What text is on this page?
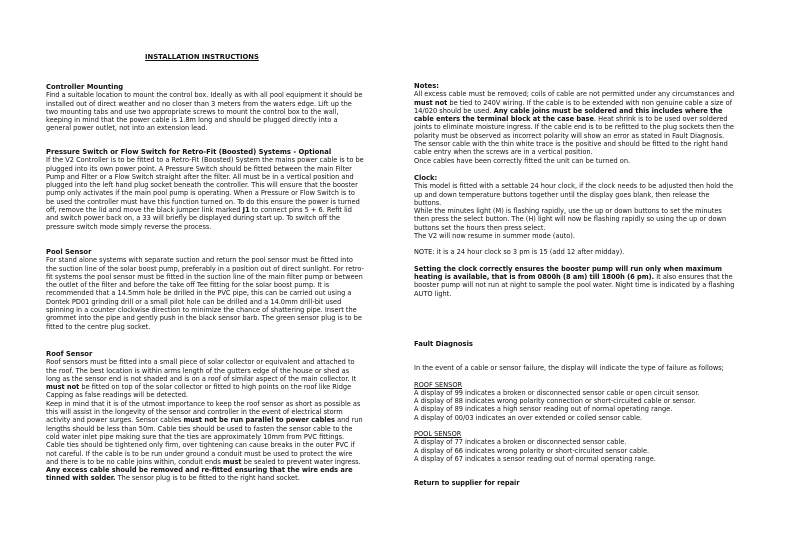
INSTALLATION INSTRUCTIONS
Controller Mounting

Find a suitable location to mount the control box. Ideally as with all pool equipment it should be installed out of direct weather and no closer than 3 meters from the waters edge. Lift up the two mounting tabs and use two appropriate screws to mount the control box to the wall, keeping in mind that the power cable is 1.8m long and should be plugged directly into a general power outlet, not into an extension lead.

Pressure Switch or Flow Switch for Retro-Fit (Boosted) Systems - Optional

If the V2 Controller is to be fitted to a Retro-Fit (Boosted) System the mains power cable is to be plugged into its own power point. A Pressure Switch should be fitted between the main Filter Pump and Filter or a Flow Switch straight after the filter. All must be in a vertical position and plugged into the left hand plug socket beneath the controller. This will ensure that the booster pump only activates if the main pool pump is operating. When a Pressure or Flow Switch is to be used the controller must have this function turned on. To do this ensure the power is turned off, remove the lid and move the black jumper link marked J1 to connect pins 5 + 6. Refit lid and switch power back on, a 33 will briefly be displayed during start up. To switch off the pressure switch mode simply reverse the process.

Pool Sensor

For stand alone systems with separate suction and return the pool sensor must be fitted into the suction line of the solar boost pump, preferably in a position out of direct sunlight. For retro-fit systems the pool sensor must be fitted in the suction line of the main filter pump or between the outlet of the filter and before the take off Tee fitting for the solar boost pump. It is recommended that a 14.5mm hole be drilled in the PVC pipe, this can be carried out using a Dontek PD01 grinding drill or a small pilot hole can be drilled and a 14.0mm drill-bit used spinning in a counter clockwise direction to minimize the chance of shattering pipe. Insert the grommet into the pipe and gently push in the black sensor barb. The green sensor plug is to be fitted to the centre plug socket.

Roof Sensor

Roof sensors must be fitted into a small piece of solar collector or equivalent and attached to the roof. The best location is within arms length of the gutters edge of the house or shed as long as the sensor end is not shaded and is on a roof of similar aspect of the main collector. It must not be fitted on top of the solar collector or fitted to high points on the roof like Ridge Capping as false readings will be detected.

Keep in mind that it is of the utmost importance to keep the roof sensor as short as possible as this will assist in the longevity of the sensor and controller in the event of electrical storm activity and power surges. Sensor cables must not be run parallel to power cables and run lengths should be less than 50m. Cable ties should be used to fasten the sensor cable to the cold water inlet pipe making sure that the ties are approximately 10mm from PVC fittings. Cable ties should be tightened only firm, over tightening can cause breaks in the outer PVC if not careful. If the cable is to be run under ground a conduit must be used to protect the wire and there is to be no cable joins within, conduit ends must be sealed to prevent water ingress. Any excess cable should be removed and re-fitted ensuring that the wire ends are tinned with solder. The sensor plug is to be fitted to the right hand socket.

Notes:

All excess cable must be removed; coils of cable are not permitted under any circumstances and must not be tied to 240V wiring. If the cable is to be extended with non genuine cable a size of 14/020 should be used. Any cable joins must be soldered and this includes where the cable enters the terminal block at the case base. Heat shrink is to be used over soldered joints to eliminate moisture ingress. If the cable end is to be refitted to the plug sockets then the polarity must be observed as incorrect polarity will show an error as stated in Fault Diagnosis. The sensor cable with the thin white trace is the positive and should be fitted to the right hand cable entry when the screws are in a vertical position.

Once cables have been correctly fitted the unit can be turned on.

Clock:

This model is fitted with a settable 24 hour clock, if the clock needs to be adjusted then hold the up and down temperature buttons together until the display goes blank, then release the buttons.

While the minutes light (M) is flashing rapidly, use the up or down buttons to set the minutes then press the select button. The (H) light will now be flashing rapidly so using the up or down buttons set the hours then press select.

The V2 will now resume in summer mode (auto).

NOTE: it is a 24 hour clock so 3 pm is 15 (add 12 after midday).

Setting the clock correctly ensures the booster pump will run only when maximum heating is available, that is from 0800h (8 am) till 1800h (6 pm). It also ensures that the booster pump will not run at night to sample the pool water. Night time is indicated by a flashing AUTO light.

Fault Diagnosis

In the event of a cable or sensor failure, the display will indicate the type of failure as follows;

ROOF SENSOR

A display of 99 indicates a broken or disconnected sensor cable or open circuit sensor.

A display of 88 indicates wrong polarity connection or short-circuited cable or sensor.

A display of 89 indicates a high sensor reading out of normal operating range.

A display of 00/03 indicates an over extended or coiled sensor cable.

POOL SENSOR

A display of 77 indicates a broken or disconnected sensor cable.

A display of 66 indicates wrong polarity or short-circuited sensor cable.

A display of 67 indicates a sensor reading out of normal operating range.

Return to supplier for repair
